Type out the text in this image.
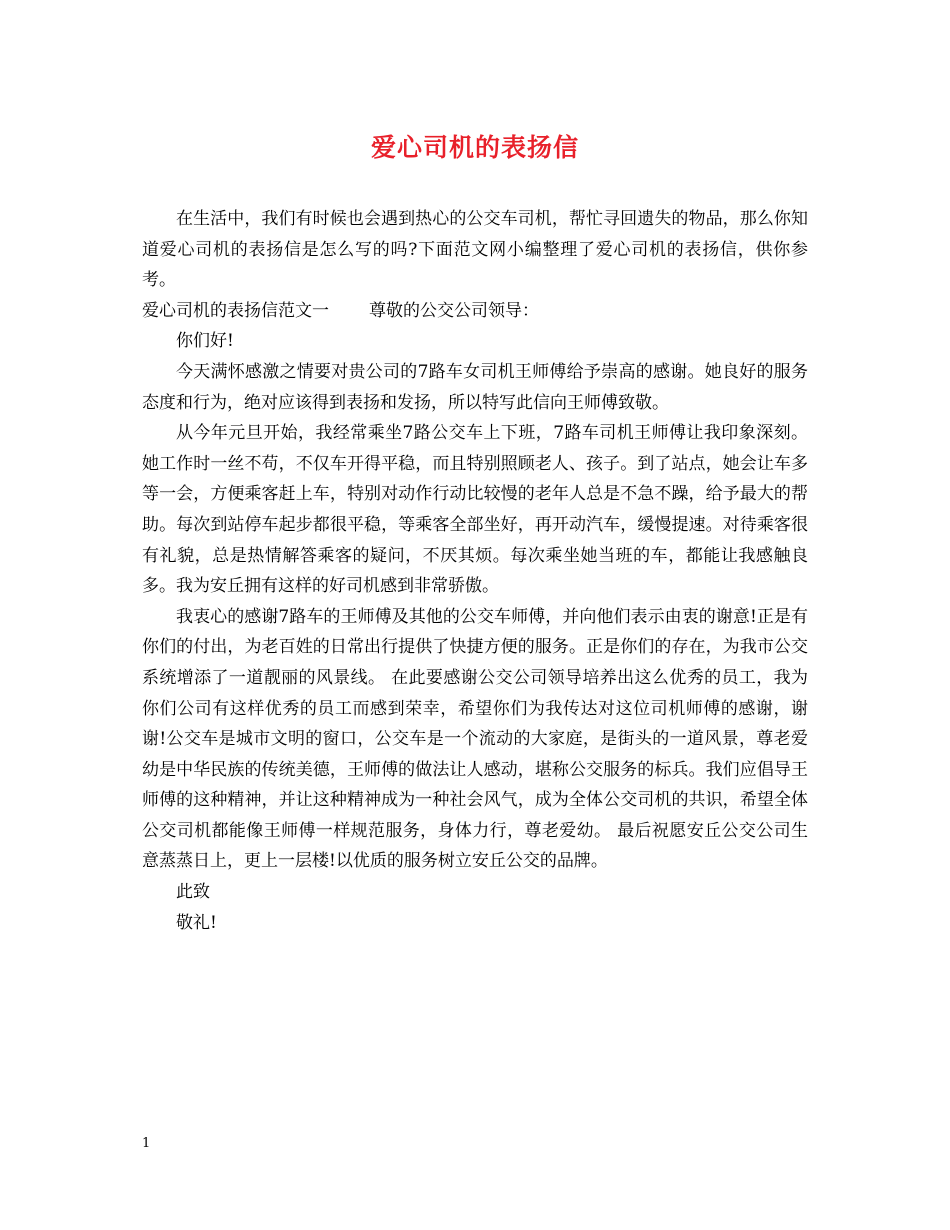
爱心司机的表扬信

在生活中，我们有时候也会遇到热心的公交车司机，帮忙寻回遗失的物品，那么你知道爱心司机的表扬信是怎么写的吗?下面范文网小编整理了爱心司机的表扬信，供你参考。

爱心司机的表扬信范文一 尊敬的公交公司领导：

你们好!

今天满怀感激之情要对贵公司的7路车女司机王师傅给予崇高的感谢。她良好的服务态度和行为，绝对应该得到表扬和发扬，所以特写此信向王师傅致敬。

从今年元旦开始，我经常乘坐7路公交车上下班，7路车司机王师傅让我印象深刻。她工作时一丝不苟，不仅车开得平稳，而且特别照顾老人、孩子。到了站点，她会让车多等一会，方便乘客赶上车，特别对动作行动比较慢的老年人总是不急不躁，给予最大的帮助。每次到站停车起步都很平稳，等乘客全部坐好，再开动汽车，缓慢提速。对待乘客很有礼貌，总是热情解答乘客的疑问，不厌其烦。每次乘坐她当班的车，都能让我感触良多。我为安丘拥有这样的好司机感到非常骄傲。

我衷心的感谢7路车的王师傅及其他的公交车师傅，并向他们表示由衷的谢意!正是有你们的付出，为老百姓的日常出行提供了快捷方便的服务。正是你们的存在，为我市公交系统增添了一道靓丽的风景线。 在此要感谢公交公司领导培养出这么优秀的员工，我为你们公司有这样优秀的员工而感到荣幸，希望你们为我传达对这位司机师傅的感谢，谢谢!公交车是城市文明的窗口，公交车是一个流动的大家庭，是街头的一道风景，尊老爱幼是中华民族的传统美德，王师傅的做法让人感动，堪称公交服务的标兵。我们应倡导王师傅的这种精神，并让这种精神成为一种社会风气，成为全体公交司机的共识，希望全体公交司机都能像王师傅一样规范服务，身体力行，尊老爱幼。 最后祝愿安丘公交公司生意蒸蒸日上，更上一层楼!以优质的服务树立安丘公交的品牌。

此致

敬礼!

1
